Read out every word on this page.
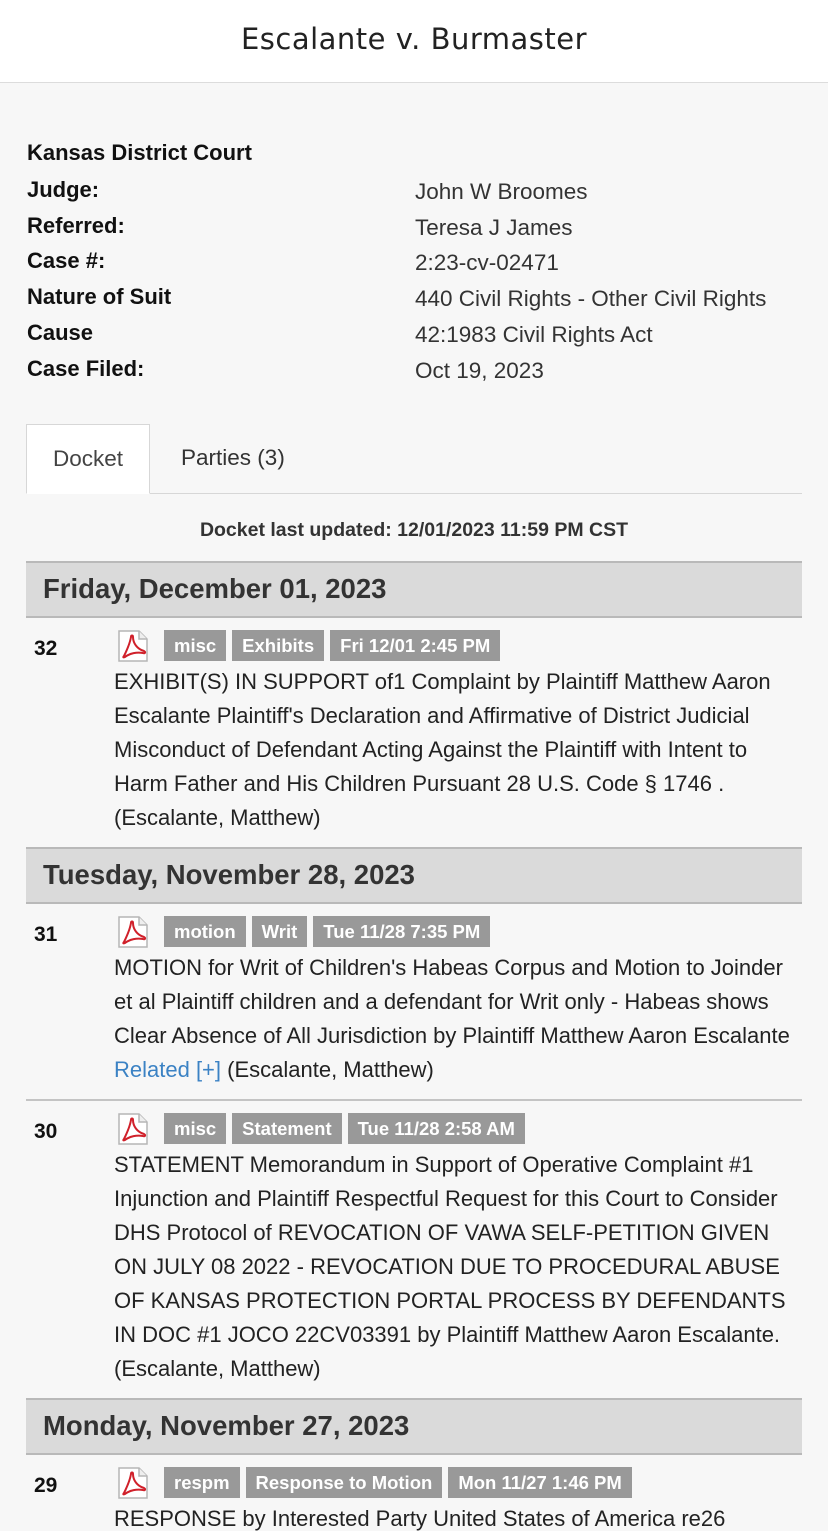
Escalante v. Burmaster
Kansas District Court
Judge:	John W Broomes
Referred:	Teresa J James
Case #:	2:23-cv-02471
Nature of Suit	440 Civil Rights - Other Civil Rights
Cause	42:1983 Civil Rights Act
Case Filed:	Oct 19, 2023
Docket	Parties (3)
Docket last updated: 12/01/2023 11:59 PM CST
Friday, December 01, 2023
32	misc	Exhibits	Fri 12/01 2:45 PM
EXHIBIT(S) IN SUPPORT of1 Complaint by Plaintiff Matthew Aaron Escalante Plaintiff's Declaration and Affirmative of District Judicial Misconduct of Defendant Acting Against the Plaintiff with Intent to Harm Father and His Children Pursuant 28 U.S. Code § 1746 . (Escalante, Matthew)
Tuesday, November 28, 2023
31	motion	Writ	Tue 11/28 7:35 PM
MOTION for Writ of Children's Habeas Corpus and Motion to Joinder et al Plaintiff children and a defendant for Writ only - Habeas shows Clear Absence of All Jurisdiction by Plaintiff Matthew Aaron Escalante Related [+] (Escalante, Matthew)
30	misc	Statement	Tue 11/28 2:58 AM
STATEMENT Memorandum in Support of Operative Complaint #1 Injunction and Plaintiff Respectful Request for this Court to Consider DHS Protocol of REVOCATION OF VAWA SELF-PETITION GIVEN ON JULY 08 2022 - REVOCATION DUE TO PROCEDURAL ABUSE OF KANSAS PROTECTION PORTAL PROCESS BY DEFENDANTS IN DOC #1 JOCO 22CV03391 by Plaintiff Matthew Aaron Escalante. (Escalante, Matthew)
Monday, November 27, 2023
29	respm	Response to Motion	Mon 11/27 1:46 PM
RESPONSE by Interested Party United States of America re26
